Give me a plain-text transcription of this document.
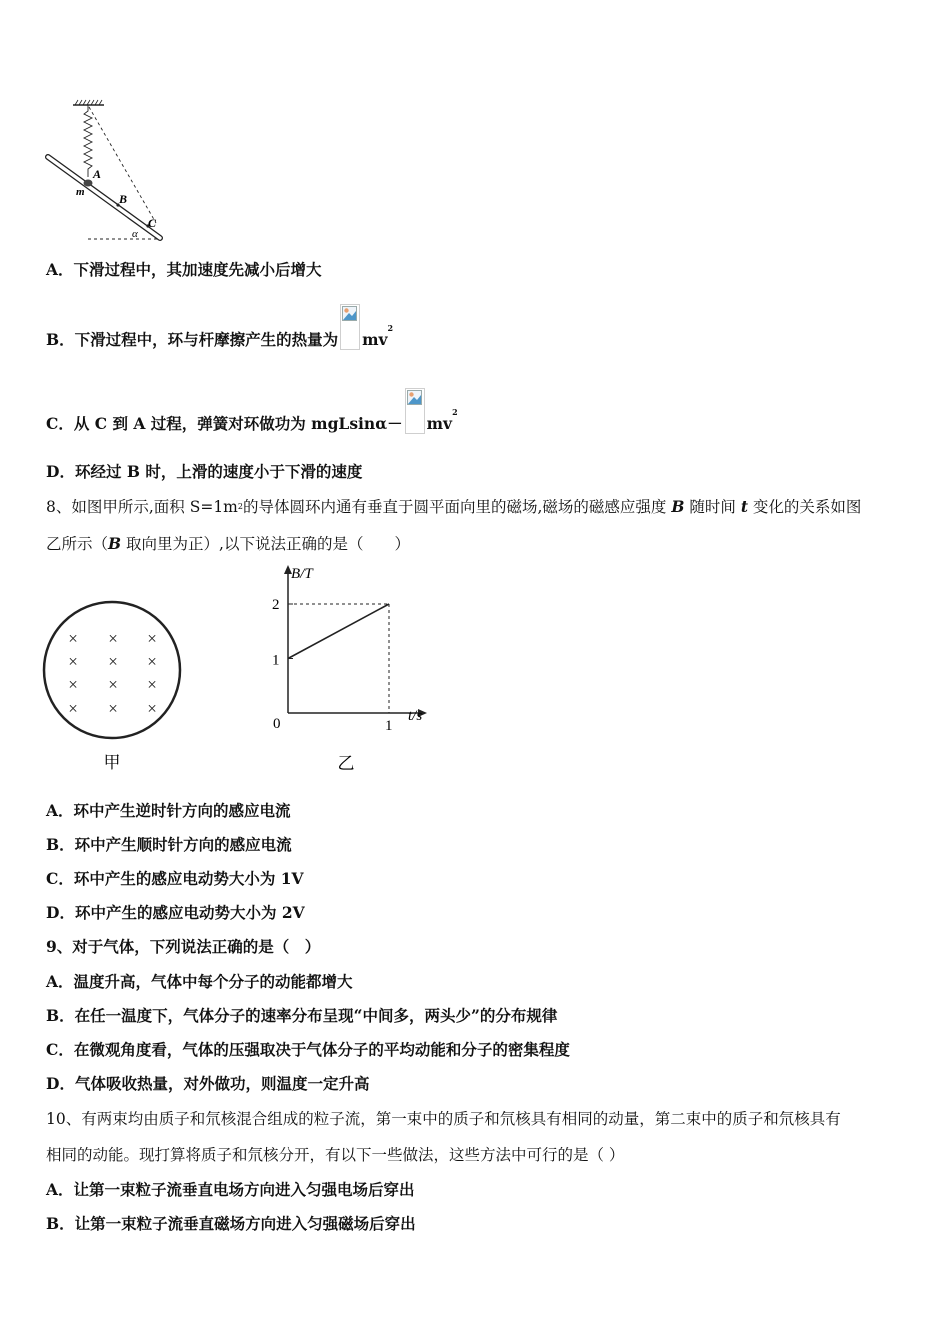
A
m	B
C
α
A．下滑过程中，其加速度先减小后增大
B．下滑过程中，环与杆摩擦产生的热量为 $mv^2$
C．从 C 到 A 过程，弹簧对环做功为 $mgLsin\alpha- mv^2$
D．环经过 B 时，上滑的速度小于下滑的速度
8、如图甲所示,面积 $S=1m^2$的导体圆环内通有垂直于圆平面向里的磁场,磁场的磁感应强度 B 随时间 t 变化的关系如图
乙所示（B 取向里为正）,以下说法正确的是（　　）
× × ×
× × ×
× × ×
× × ×
甲
B/T
t/s
0
2
1
1
乙
A．环中产生逆时针方向的感应电流
B．环中产生顺时针方向的感应电流
C．环中产生的感应电动势大小为 1V
D．环中产生的感应电动势大小为 2V
9、对于气体，下列说法正确的是（　）
A．温度升高，气体中每个分子的动能都增大
B．在任一温度下，气体分子的速率分布呈现“中间多，两头少”的分布规律
C．在微观角度看，气体的压强取决于气体分子的平均动能和分子的密集程度
D．气体吸收热量，对外做功，则温度一定升高
10、有两束均由质子和氘核混合组成的粒子流，第一束中的质子和氘核具有相同的动量，第二束中的质子和氘核具有
相同的动能。现打算将质子和氘核分开，有以下一些做法，这些方法中可行的是（ ）
A．让第一束粒子流垂直电场方向进入匀强电场后穿出
B．让第一束粒子流垂直磁场方向进入匀强磁场后穿出
